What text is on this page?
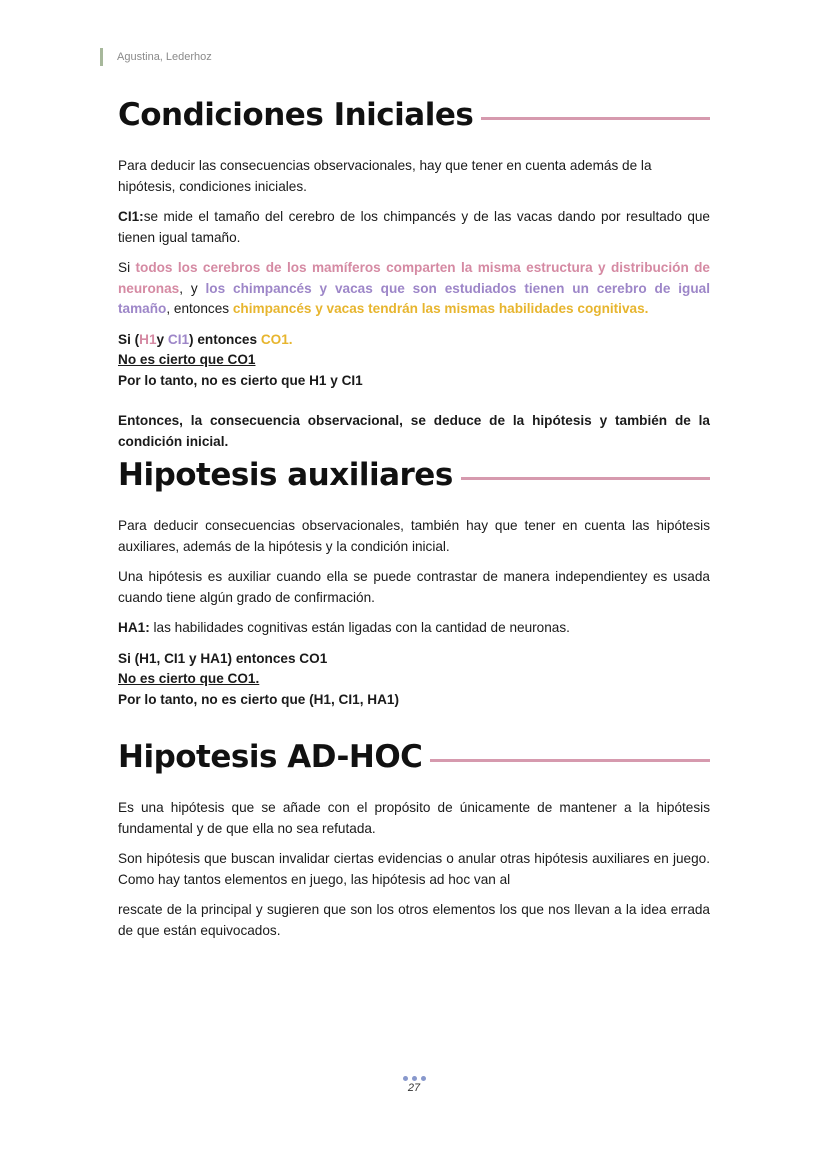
Agustina, Lederhoz
Condiciones Iniciales

Para deducir las consecuencias observacionales, hay que tener en cuenta además de la hipótesis, condiciones iniciales.

CI1:se mide el tamaño del cerebro de los chimpancés y de las vacas dando por resultado que tienen igual tamaño.

Si todos los cerebros de los mamíferos comparten la misma estructura y distribución de neuronas, y los chimpancés y vacas que son estudiados tienen un cerebro de igual tamaño, entonces chimpancés y vacas tendrán las mismas habilidades cognitivas.

Si (H1y CI1) entonces CO1.

No es cierto que CO1

Por lo tanto, no es cierto que H1 y CI1

Entonces, la consecuencia observacional, se deduce de la hipótesis y también de la condición inicial.

Hipotesis auxiliares

Para deducir consecuencias observacionales, también hay que tener en cuenta las hipótesis auxiliares, además de la hipótesis y la condición inicial.

Una hipótesis es auxiliar cuando ella se puede contrastar de manera independientey es usada cuando tiene algún grado de confirmación.

HA1: las habilidades cognitivas están ligadas con la cantidad de neuronas.

Si (H1, CI1 y HA1) entonces CO1

No es cierto que CO1.

Por lo tanto, no es cierto que (H1, CI1, HA1)

Hipotesis AD-HOC

Es una hipótesis que se añade con el propósito de únicamente de mantener a la hipótesis fundamental y de que ella no sea refutada.

Son hipótesis que buscan invalidar ciertas evidencias o anular otras hipótesis auxiliares en juego. Como hay tantos elementos en juego, las hipótesis ad hoc van al

rescate de la principal y sugieren que son los otros elementos los que nos llevan a la idea errada de que están equivocados.

27
